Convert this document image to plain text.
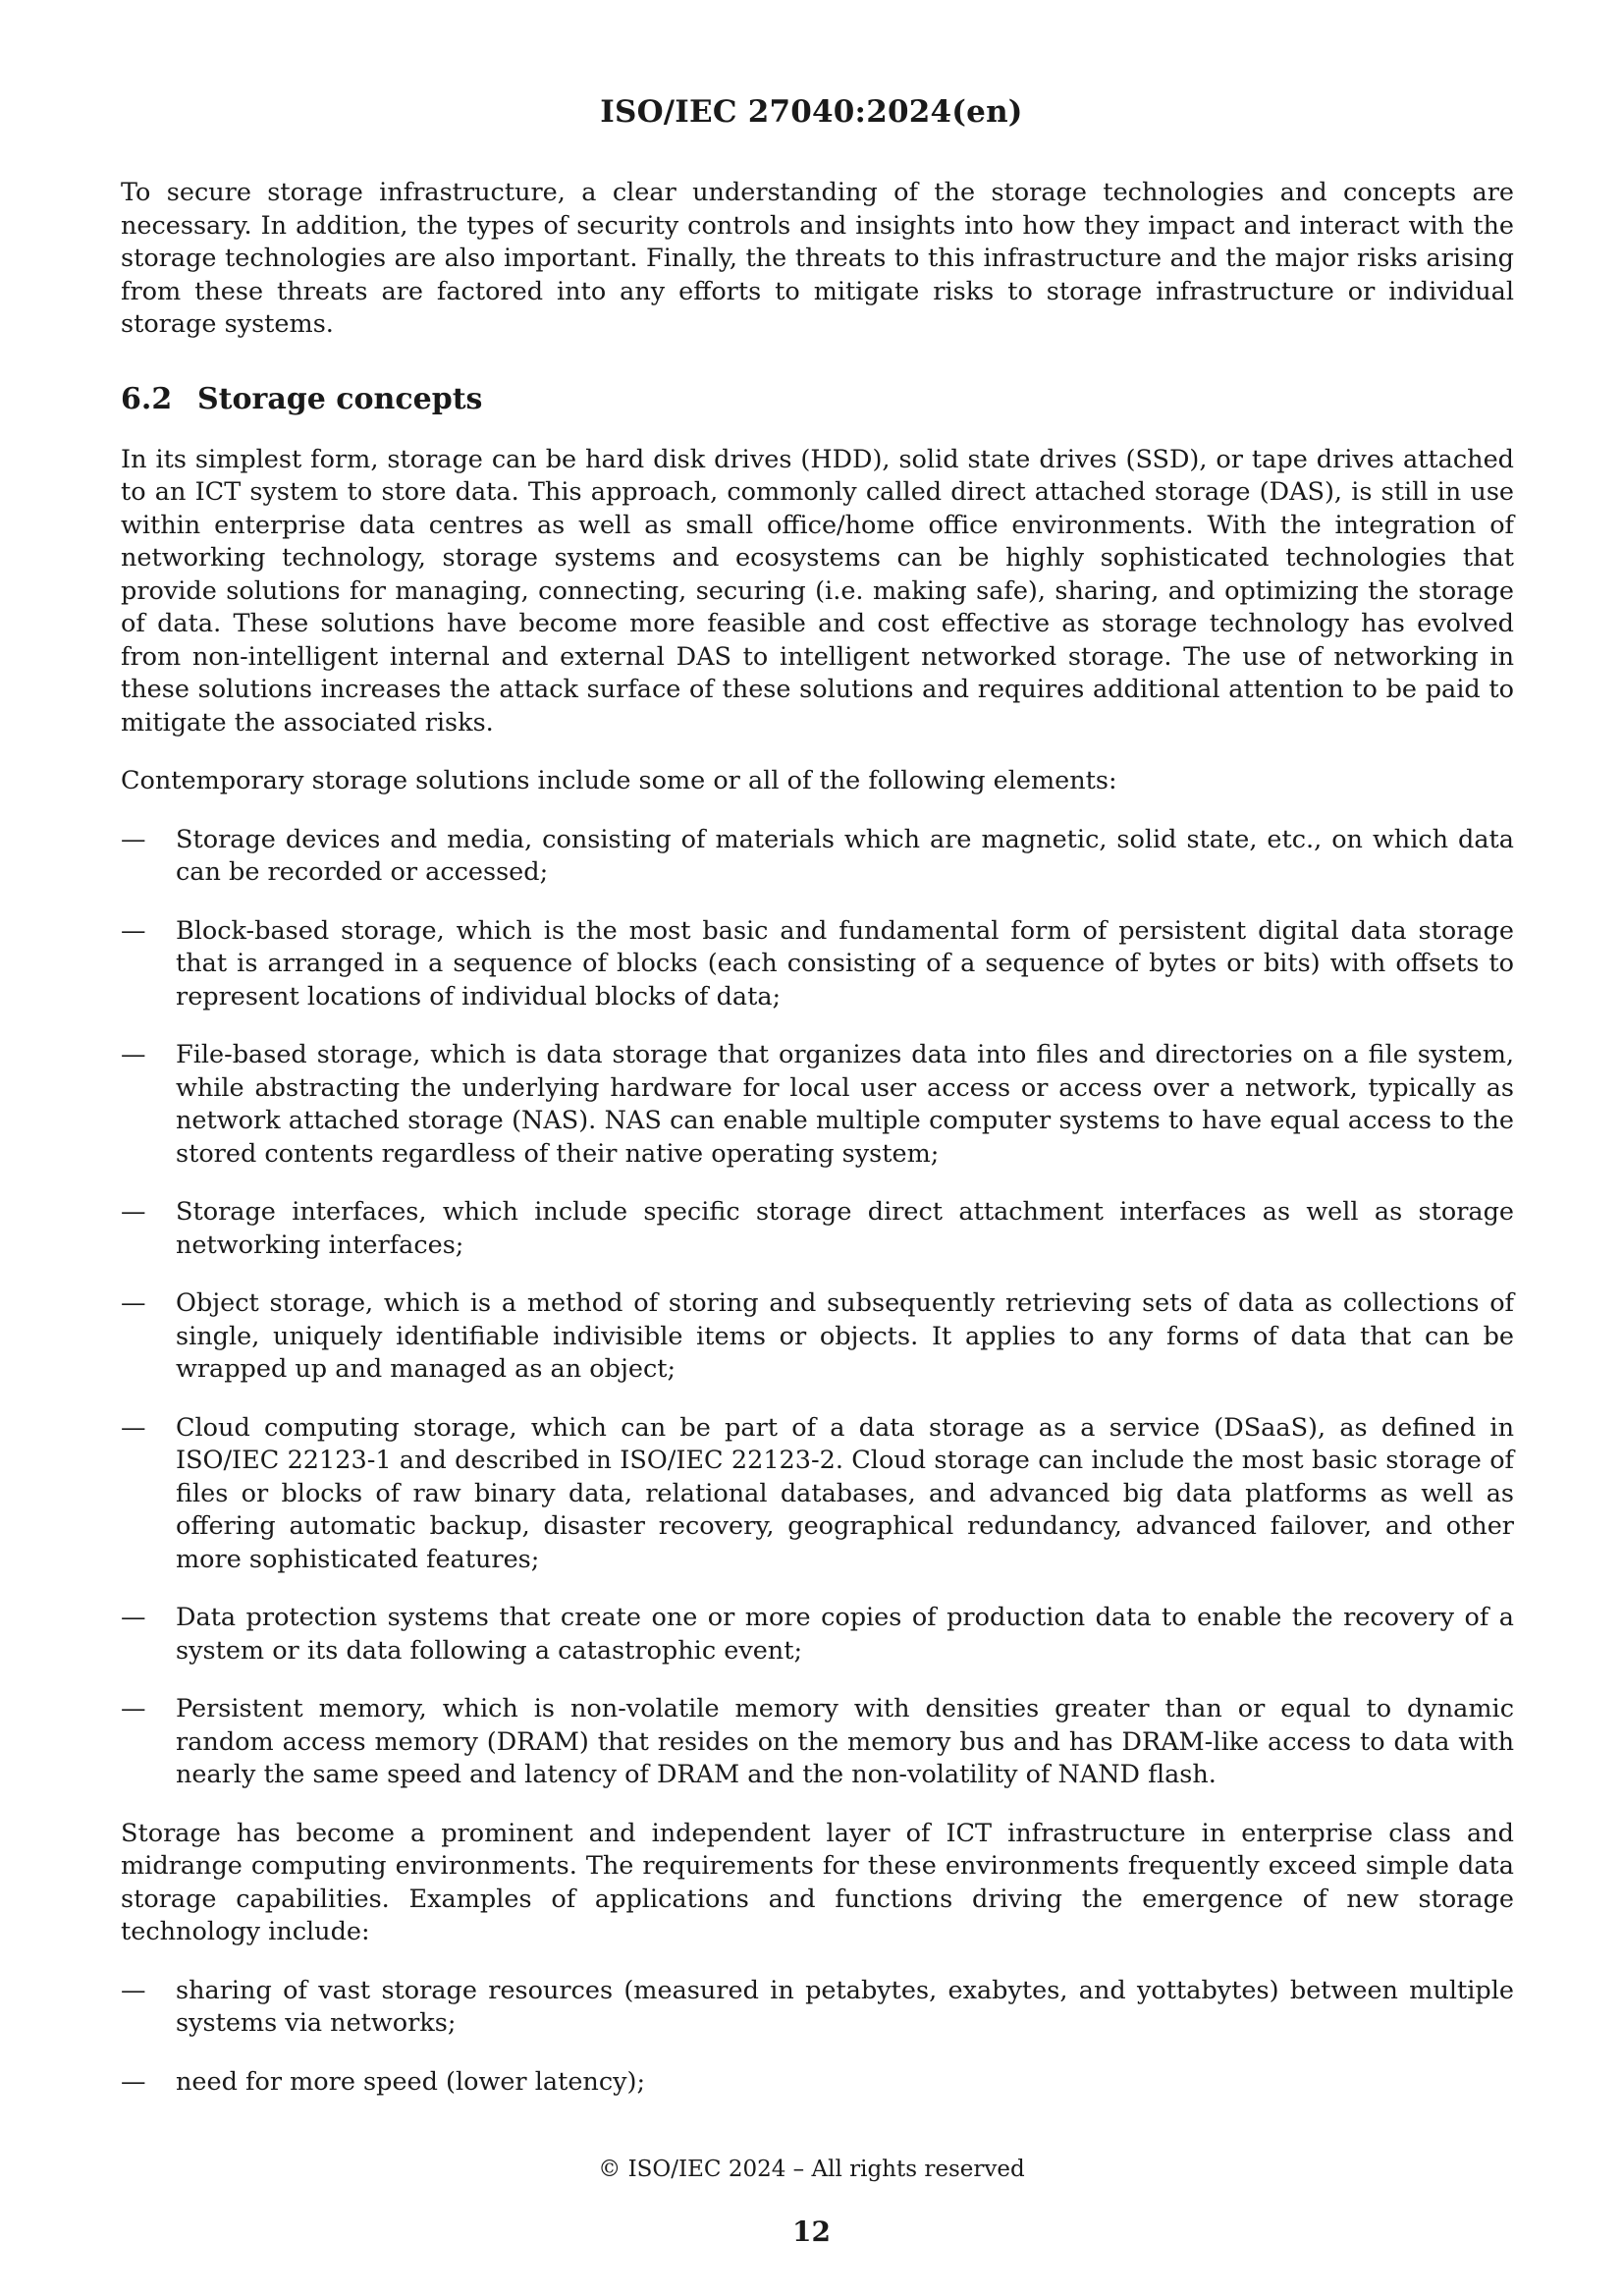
ISO/IEC 27040:2024(en)

To secure storage infrastructure, a clear understanding of the storage technologies and concepts are necessary. In addition, the types of security controls and insights into how they impact and interact with the storage technologies are also important. Finally, the threats to this infrastructure and the major risks arising from these threats are factored into any efforts to mitigate risks to storage infrastructure or individual storage systems.

6.2 Storage concepts

In its simplest form, storage can be hard disk drives (HDD), solid state drives (SSD), or tape drives attached to an ICT system to store data. This approach, commonly called direct attached storage (DAS), is still in use within enterprise data centres as well as small office/home office environments. With the integration of networking technology, storage systems and ecosystems can be highly sophisticated technologies that provide solutions for managing, connecting, securing (i.e. making safe), sharing, and optimizing the storage of data. These solutions have become more feasible and cost effective as storage technology has evolved from non-intelligent internal and external DAS to intelligent networked storage. The use of networking in these solutions increases the attack surface of these solutions and requires additional attention to be paid to mitigate the associated risks.

Contemporary storage solutions include some or all of the following elements:

— Storage devices and media, consisting of materials which are magnetic, solid state, etc., on which data can be recorded or accessed;
— Block-based storage, which is the most basic and fundamental form of persistent digital data storage that is arranged in a sequence of blocks (each consisting of a sequence of bytes or bits) with offsets to represent locations of individual blocks of data;
— File-based storage, which is data storage that organizes data into files and directories on a file system, while abstracting the underlying hardware for local user access or access over a network, typically as network attached storage (NAS). NAS can enable multiple computer systems to have equal access to the stored contents regardless of their native operating system;
— Storage interfaces, which include specific storage direct attachment interfaces as well as storage networking interfaces;
— Object storage, which is a method of storing and subsequently retrieving sets of data as collections of single, uniquely identifiable indivisible items or objects. It applies to any forms of data that can be wrapped up and managed as an object;
— Cloud computing storage, which can be part of a data storage as a service (DSaaS), as defined in ISO/IEC 22123-1 and described in ISO/IEC 22123-2. Cloud storage can include the most basic storage of files or blocks of raw binary data, relational databases, and advanced big data platforms as well as offering automatic backup, disaster recovery, geographical redundancy, advanced failover, and other more sophisticated features;
— Data protection systems that create one or more copies of production data to enable the recovery of a system or its data following a catastrophic event;
— Persistent memory, which is non-volatile memory with densities greater than or equal to dynamic random access memory (DRAM) that resides on the memory bus and has DRAM-like access to data with nearly the same speed and latency of DRAM and the non-volatility of NAND flash.

Storage has become a prominent and independent layer of ICT infrastructure in enterprise class and midrange computing environments. The requirements for these environments frequently exceed simple data storage capabilities. Examples of applications and functions driving the emergence of new storage technology include:

— sharing of vast storage resources (measured in petabytes, exabytes, and yottabytes) between multiple systems via networks;
— need for more speed (lower latency);
© ISO/IEC 2024 – All rights reserved
12
